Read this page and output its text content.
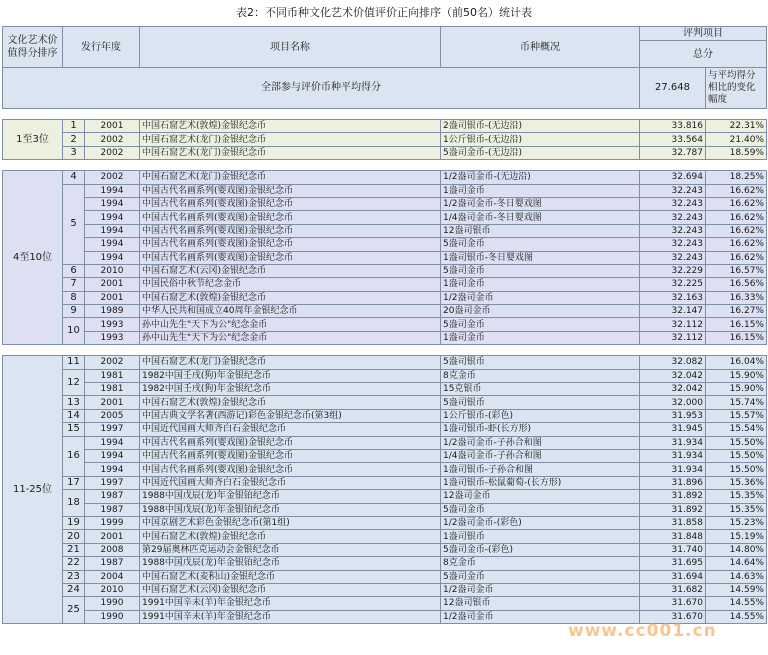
表2：不同币种文化艺术价值评价正向排序（前50名）统计表
文化艺术价值得分排序	发行年度		项目名称	币种概况	评判项目	
					总分	
全部参与评价币种平均得分					27.648	与平均得分相比的变化幅度

1至3位	1	2001	中国石窟艺术(敦煌)金银纪念币	2盎司银币-(无边沿)	33.816	22.31%
	2	2002	中国石窟艺术(龙门)金银纪念币	1公斤银币-(无边沿)	33.564	21.40%
	3	2002	中国石窟艺术(龙门)金银纪念币	5盎司金币-(无边沿)	32.787	18.59%

4至10位	4	2002	中国石窟艺术(龙门)金银纪念币	1/2盎司金币-(无边沿)	32.694	18.25%
	5	1994	中国古代名画系列(婴戏图)金银纪念币	1盎司金币	32.243	16.62%
		1994	中国古代名画系列(婴戏图)金银纪念币	1/2盎司金币-冬日婴戏图	32.243	16.62%
		1994	中国古代名画系列(婴戏图)金银纪念币	1/4盎司金币-冬日婴戏图	32.243	16.62%
		1994	中国古代名画系列(婴戏图)金银纪念币	12盎司银币	32.243	16.62%
		1994	中国古代名画系列(婴戏图)金银纪念币	5盎司金币	32.243	16.62%
		1994	中国古代名画系列(婴戏图)金银纪念币	1盎司银币-冬日婴戏图	32.243	16.62%
	6	2010	中国石窟艺术(云冈)金银纪念币	5盎司金币	32.229	16.57%
	7	2001	中国民俗中秋节纪念金币	1盎司金币	32.225	16.56%
	8	2001	中国石窟艺术(敦煌)金银纪念币	1/2盎司金币	32.163	16.33%
	9	1989	中华人民共和国成立40周年金银纪念币	20盎司金币	32.147	16.27%
	10	1993	孙中山先生"天下为公"纪念金币	5盎司金币	32.112	16.15%
		1993	孙中山先生"天下为公"纪念金币	1盎司金币	32.112	16.15%

11-25位	11	2002	中国石窟艺术(龙门)金银纪念币	5盎司银币	32.082	16.04%
	12	1981	1982中国壬戌(狗)年金银纪念币	8克金币	32.042	15.90%
		1981	1982中国壬戌(狗)年金银纪念币	15克银币	32.042	15.90%
	13	2001	中国石窟艺术(敦煌)金银纪念币	5盎司银币	32.000	15.74%
	14	2005	中国古典文学名著(西游记)彩色金银纪念币(第3组)	1公斤银币-(彩色)	31.953	15.57%
	15	1997	中国近代国画大师齐白石金银纪念币	1盎司银币-虾(长方形)	31.945	15.54%
	16	1994	中国古代名画系列(婴戏图)金银纪念币	1/2盎司金币-子孙合和图	31.934	15.50%
		1994	中国古代名画系列(婴戏图)金银纪念币	1/4盎司金币-子孙合和图	31.934	15.50%
		1994	中国古代名画系列(婴戏图)金银纪念币	1盎司银币-子孙合和图	31.934	15.50%
	17	1997	中国近代国画大师齐白石金银纪念币	1盎司银币-松鼠葡萄-(长方形)	31.896	15.36%
	18	1987	1988中国戊辰(龙)年金银铂纪念币	12盎司金币	31.892	15.35%
		1987	1988中国戊辰(龙)年金银铂纪念币	5盎司金币	31.892	15.35%
	19	1999	中国京剧艺术彩色金银纪念币(第1组)	1/2盎司金币-(彩色)	31.858	15.23%
	20	2001	中国石窟艺术(敦煌)金银纪念币	1盎司银币	31.848	15.19%
	21	2008	第29届奥林匹克运动会金银纪念币	5盎司金币-(彩色)	31.740	14.80%
	22	1987	1988中国戊辰(龙)年金银铂纪念币	8克金币	31.695	14.64%
	23	2004	中国石窟艺术(麦积山)金银纪念币	5盎司金币	31.694	14.63%
	24	2010	中国石窟艺术(云冈)金银纪念币	1/2盎司金币	31.682	14.59%
	25	1990	1991中国辛未(羊)年金银纪念币	12盎司银币	31.670	14.55%
		1990	1991中国辛未(羊)年金银纪念币	1/2盎司金币	31.670	14.55%
www.cc001.cn
